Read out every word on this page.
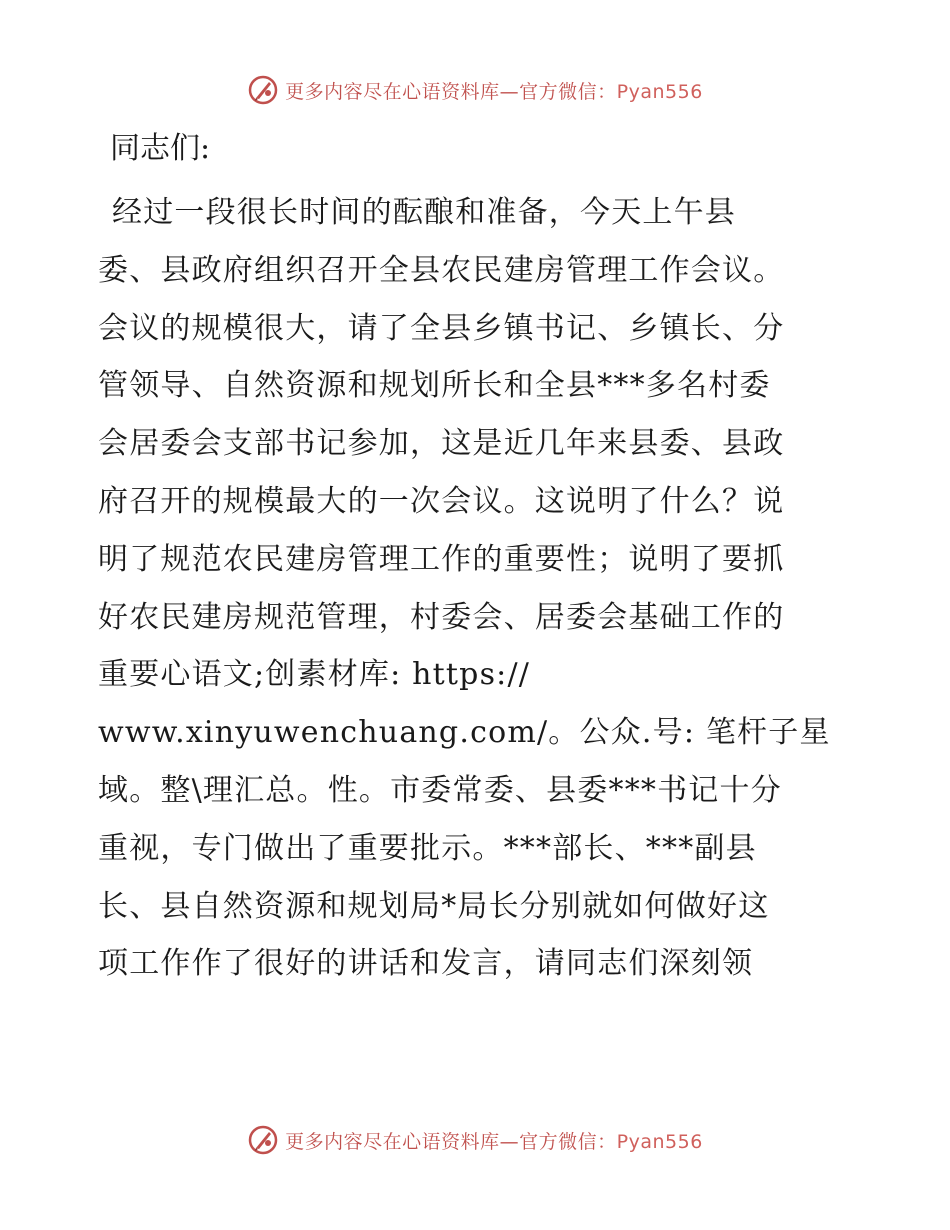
更多内容尽在心语资料库—官方微信：Pyan556
同志们:
经过一段很长时间的酝酿和准备，今天上午县
委、县政府组织召开全县农民建房管理工作会议。
会议的规模很大，请了全县乡镇书记、乡镇长、分
管领导、自然资源和规划所长和全县***多名村委
会居委会支部书记参加，这是近几年来县委、县政
府召开的规模最大的一次会议。这说明了什么？说
明了规范农民建房管理工作的重要性；说明了要抓
好农民建房规范管理，村委会、居委会基础工作的
重要心语文;创素材库: https://
www.xinyuwenchuang.com/。公众.号: 笔杆子星
域。整\理汇总。性。市委常委、县委***书记十分
重视，专门做出了重要批示。***部长、***副县
长、县自然资源和规划局*局长分别就如何做好这
项工作作了很好的讲话和发言，请同志们深刻领
更多内容尽在心语资料库—官方微信：Pyan556
